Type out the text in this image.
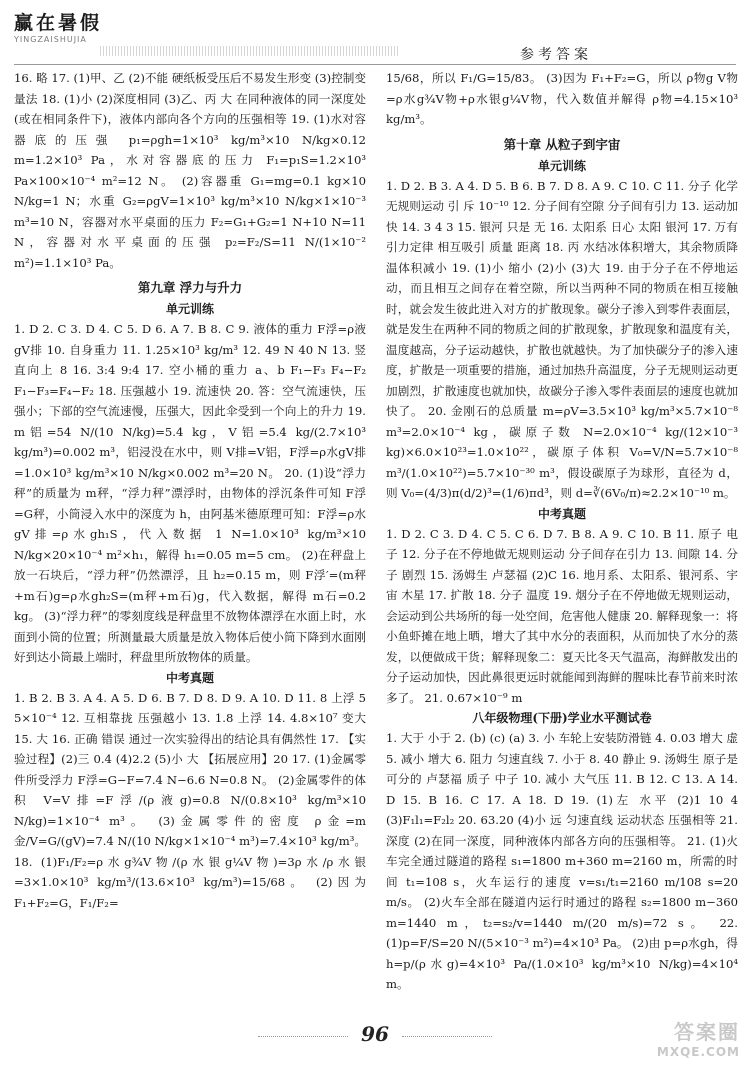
赢在暑假
YINGZAISHUJIA
参考答案

16. 略 17. (1)甲、乙 (2)不能 硬纸板受压后不易发生形变 (3)控制变量法 18. (1)小 (2)深度相同 (3)乙、丙 大 在同种液体的同一深度处(或在相同条件下)，液体内部向各个方向的压强相等 19. (1)水对容器底的压强 p₁=ρgh=1×10³ kg/m³×10 N/kg×0.12 m=1.2×10³ Pa，水对容器底的压力 F₁=p₁S=1.2×10³ Pa×100×10⁻⁴ m²=12 N。 (2)容器重 G₁=mg=0.1 kg×10 N/kg=1 N；水重 G₂=ρgV=1×10³ kg/m³×10 N/kg×1×10⁻³ m³=10 N，容器对水平桌面的压力 F₂=G₁+G₂=1 N+10 N=11 N，容器对水平桌面的压强 p₂=F₂/S=11 N/(1×10⁻² m²)=1.1×10³ Pa。

第九章 浮力与升力
单元训练

1. D 2. C 3. D 4. C 5. D 6. A 7. B 8. C 9. 液体的重力 F浮=ρ液gV排 10. 自身重力 11. 1.25×10³ kg/m³ 12. 49 N 40 N 13. 竖直向上 8 16. 3:4 9:4 17. 空小桶的重力 a、b F₁−F₃ F₄−F₂ F₁−F₃=F₄−F₂ 18. 压强越小 19. 流速快 20. 答：空气流速快，压强小；下部的空气流速慢，压强大，因此伞受到一个向上的升力 19. m铝=54 N/(10 N/kg)=5.4 kg，V铝=5.4 kg/(2.7×10³ kg/m³)=0.002 m³，铝浸没在水中，则 V排=V铝，F浮=ρ水gV排=1.0×10³ kg/m³×10 N/kg×0.002 m³=20 N。 20. (1)设“浮力秤”的质量为 m秤，“浮力秤”漂浮时，由物体的浮沉条件可知 F浮=G秤，小筒浸入水中的深度为 h，由阿基米德原理可知：F浮=ρ水gV排=ρ水gh₁S，代入数据 1 N=1.0×10³ kg/m³×10 N/kg×20×10⁻⁴ m²×h₁，解得 h₁=0.05 m=5 cm。 (2)在秤盘上放一石块后，“浮力秤”仍然漂浮，且 h₂=0.15 m，则 F浮′=(m秤+m石)g=ρ水gh₂S=(m秤+m石)g，代入数据，解得 m石=0.2 kg。 (3)“浮力秤”的零刻度线是秤盘里不放物体漂浮在水面上时，水面到小筒的位置；所测量最大质量是放入物体后使小筒下降到水面刚好到达小筒最上端时，秤盘里所放物体的质量。

中考真题

1. B 2. B 3. A 4. A 5. D 6. B 7. D 8. D 9. A 10. D 11. 8 上浮 5 5×10⁻⁴ 12. 互相靠拢 压强越小 13. 1.8 上浮 14. 4.8×10⁷ 变大 15. 大 16. 正确 错误 通过一次实验得出的结论具有偶然性 17. 【实验过程】(2)三 0.4 (4)2.2 (5)小 大 【拓展应用】20 17. (1)金属零件所受浮力 F浮=G−F=7.4 N−6.6 N=0.8 N。 (2)金属零件的体积 V=V排=F浮/(ρ液g)=0.8 N/(0.8×10³ kg/m³×10 N/kg)=1×10⁻⁴ m³。 (3)金属零件的密度 ρ金=m金/V=G/(gV)=7.4 N/(10 N/kg×1×10⁻⁴ m³)=7.4×10³ kg/m³。 18. (1)F₁/F₂=ρ水g¾V物/(ρ水银g¼V物)=3ρ水/ρ水银=3×1.0×10³ kg/m³/(13.6×10³ kg/m³)=15/68。 (2)因为 F₁+F₂=G，F₁/F₂=

15/68，所以 F₁/G=15/83。 (3)因为 F₁+F₂=G，所以 ρ物g V物=ρ水g¾V物+ρ水银g¼V物，代入数值并解得 ρ物=4.15×10³ kg/m³。

第十章 从粒子到宇宙
单元训练

1. D 2. B 3. A 4. D 5. B 6. B 7. D 8. A 9. C 10. C 11. 分子 化学 无规则运动 引 斥 10⁻¹⁰ 12. 分子间有空隙 分子间有引力 13. 运动加快 14. 3 4 3 15. 银河 只是 无 16. 太阳系 日心 太阳 银河 17. 万有引力定律 相互吸引 质量 距离 18. 丙 水结冰体积增大，其余物质降温体积减小 19. (1)小 缩小 (2)小 (3)大 19. 由于分子在不停地运动，而且相互之间存在着空隙，所以当两种不同的物质在相互接触时，就会发生彼此进入对方的扩散现象。碳分子渗入到零件表面层，就是发生在两种不同的物质之间的扩散现象，扩散现象和温度有关，温度越高，分子运动越快，扩散也就越快。为了加快碳分子的渗入速度，扩散是一项重要的措施，通过加热升高温度，分子无规则运动更加剧烈，扩散速度也就加快，故碳分子渗入零件表面层的速度也就加快了。 20. 金刚石的总质量 m=ρV=3.5×10³ kg/m³×5.7×10⁻⁸ m³=2.0×10⁻⁴ kg，碳原子数 N=2.0×10⁻⁴ kg/(12×10⁻³ kg)×6.0×10²³=1.0×10²²，碳原子体积 V₀=V/N=5.7×10⁻⁸ m³/(1.0×10²²)=5.7×10⁻³⁰ m³，假设碳原子为球形，直径为 d，则 V₀=(4/3)π(d/2)³=(1/6)πd³，则 d=∛(6V₀/π)≈2.2×10⁻¹⁰ m。

中考真题

1. D 2. C 3. D 4. C 5. C 6. D 7. B 8. A 9. C 10. B 11. 原子 电子 12. 分子在不停地做无规则运动 分子间存在引力 13. 间隙 14. 分子 剧烈 15. 汤姆生 卢瑟福 (2)C 16. 地月系、太阳系、银河系、宇宙 木星 17. 扩散 18. 分子 温度 19. 烟分子在不停地做无规则运动，会运动到公共场所的每一处空间，危害他人健康 20. 解释现象一：将小鱼虾摊在地上晒，增大了其中水分的表面积，从而加快了水分的蒸发，以便做成干货；解释现象二：夏天比冬天气温高，海鲜散发出的分子运动加快，因此鼻很更远时就能闻到海鲜的腥味比春节前来时浓多了。 21. 0.67×10⁻⁹ m

八年级物理(下册)学业水平测试卷

1. 大于 小于 2. (b) (c) (a) 3. 小 车轮上安装防滑链 4. 0.03 增大 虚 5. 减小 增大 6. 阻力 匀速直线 7. 小于 8. 40 静止 9. 汤姆生 原子是可分的 卢瑟福 质子 中子 10. 减小 大气压 11. B 12. C 13. A 14. D 15. B 16. C 17. A 18. D 19. (1)左 水平 (2)1 10 4 (3)F₁l₁=F₂l₂ 20. 63.20 (4)小 远 匀速直线 运动状态 压强相等 21. 深度 (2)在同一深度，同种液体内部各方向的压强相等。 21. (1)火车完全通过隧道的路程 s₁=1800 m+360 m=2160 m，所需的时间 t₁=108 s，火车运行的速度 v=s₁/t₁=2160 m/108 s=20 m/s。 (2)火车全部在隧道内运行时通过的路程 s₂=1800 m−360 m=1440 m，t₂=s₂/v=1440 m/(20 m/s)=72 s。 22. (1)p=F/S=20 N/(5×10⁻³ m²)=4×10³ Pa。 (2)由 p=ρ水gh，得 h=p/(ρ水g)=4×10³ Pa/(1.0×10³ kg/m³×10 N/kg)=4×10⁴ m。

96	答案圈
MXQE.COM
